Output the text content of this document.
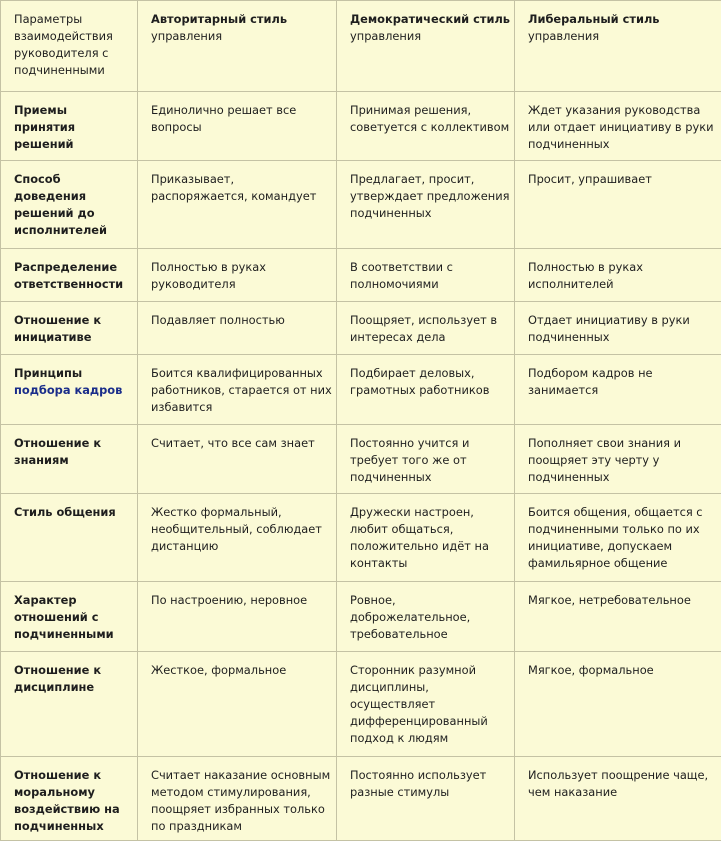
Параметры взаимодействия руководителя с подчиненными	Авторитарный стиль управления	Демократический стиль управления	Либеральный стиль управления
Приемы принятия решений	Единолично решает все вопросы	Принимая решения, советуется с коллективом	Ждет указания руководства или отдает инициативу в руки подчиненных
Способ доведения решений до исполнителей	Приказывает, распоряжается, командует	Предлагает, просит, утверждает предложения подчиненных	Просит, упрашивает
Распределение ответственности	Полностью в руках руководителя	В соответствии с полномочиями	Полностью в руках исполнителей
Отношение к инициативе	Подавляет полностью	Поощряет, использует в интересах дела	Отдает инициативу в руки подчиненных
Принципы подбора кадров	Боится квалифицированных работников, старается от них избавится	Подбирает деловых, грамотных работников	Подбором кадров не занимается
Отношение к знаниям	Считает, что все сам знает	Постоянно учится и требует того же от подчиненных	Пополняет свои знания и поощряет эту черту у подчиненных
Стиль общения	Жестко формальный, необщительный, соблюдает дистанцию	Дружески настроен, любит общаться, положительно идёт на контакты	Боится общения, общается с подчиненными только по их инициативе, допускаем фамильярное общение
Характер отношений с подчиненными	По настроению, неровное	Ровное, доброжелательное, требовательное	Мягкое, нетребовательное
Отношение к дисциплине	Жесткое, формальное	Сторонник разумной дисциплины, осуществляет дифференцированный подход к людям	Мягкое, формальное
Отношение к моральному воздействию на подчиненных	Считает наказание основным методом стимулирования, поощряет избранных только по праздникам	Постоянно использует разные стимулы	Использует поощрение чаще, чем наказание
